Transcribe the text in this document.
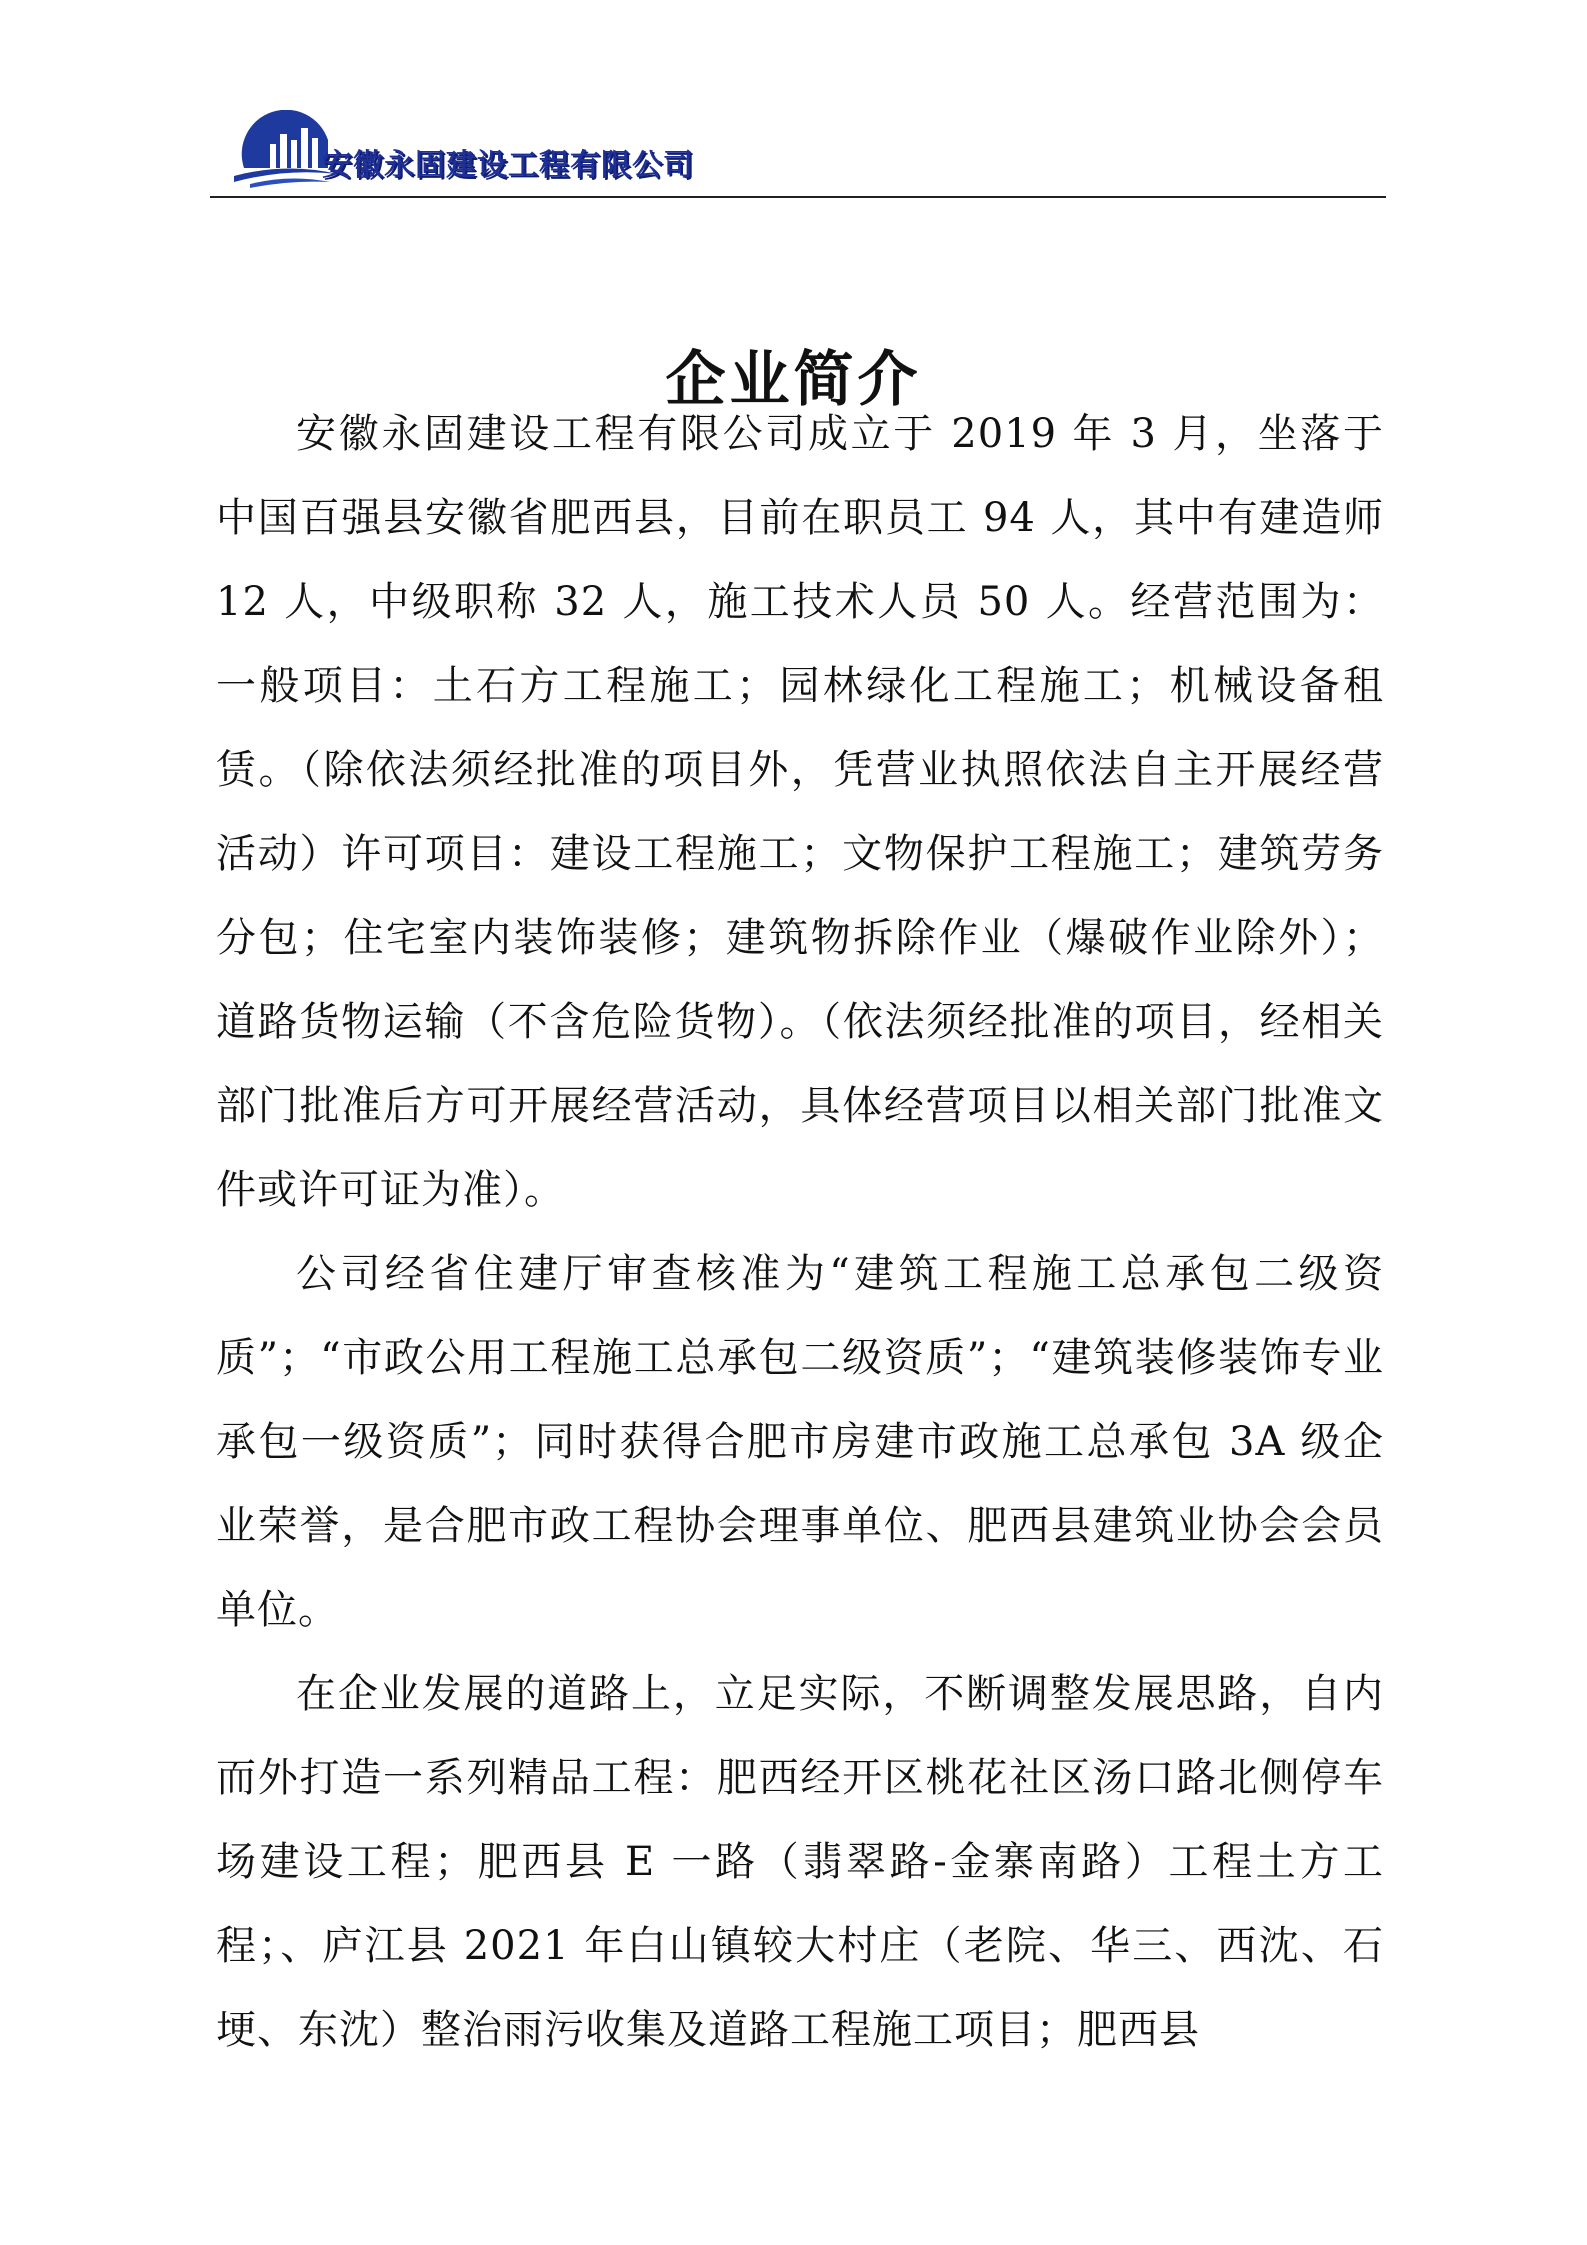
安徽永固建设工程有限公司
企业简介

安徽永固建设工程有限公司成立于 2019 年 3 月，坐落于中国百强县安徽省肥西县，目前在职员工 94 人，其中有建造师 12 人，中级职称 32 人，施工技术人员 50 人。经营范围为：一般项目：土石方工程施工；园林绿化工程施工；机械设备租赁。（除依法须经批准的项目外，凭营业执照依法自主开展经营活动）许可项目：建设工程施工；文物保护工程施工；建筑劳务分包；住宅室内装饰装修；建筑物拆除作业（爆破作业除外）；道路货物运输（不含危险货物）。（依法须经批准的项目，经相关部门批准后方可开展经营活动，具体经营项目以相关部门批准文件或许可证为准）。

公司经省住建厅审查核准为“建筑工程施工总承包二级资质”；“市政公用工程施工总承包二级资质”；“建筑装修装饰专业承包一级资质”；同时获得合肥市房建市政施工总承包 3A 级企业荣誉，是合肥市政工程协会理事单位、肥西县建筑业协会会员单位。

在企业发展的道路上，立足实际，不断调整发展思路，自内而外打造一系列精品工程：肥西经开区桃花社区汤口路北侧停车场建设工程；肥西县 E 一路（翡翠路-金寨南路）工程土方工程；、庐江县 2021 年白山镇较大村庄（老院、华三、西沈、石埂、东沈）整治雨污收集及道路工程施工项目；肥西县
